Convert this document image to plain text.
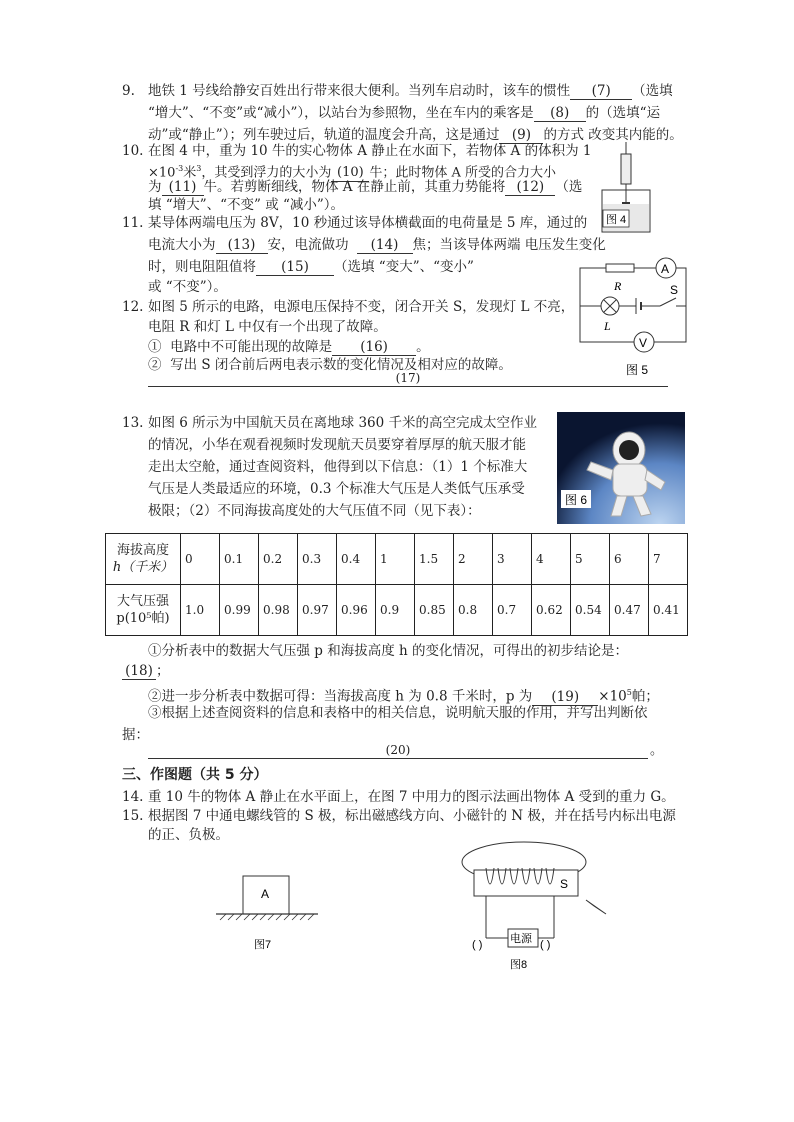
9. 地铁 1 号线给静安百姓出行带来很大便利。当列车启动时，该车的惯性 (7) （选填
“增大”、“不变”或“减小”），以站台为参照物，坐在车内的乘客是 (8) 的（选填“运
动”或“静止”）；列车驶过后，轨道的温度会升高，这是通过 (9) 的方式 改变其内能的。
10. 在图 4 中，重为 10 牛的实心物体 A 静止在水面下，若物体 A 的体积为 1
$\times 10^{-3}$米$^3$，其受到浮力的大小为 (10) 牛；此时物体 A 所受的合力大小
为 (11) 牛。若剪断细线，物体 A 在静止前，其重力势能将 (12) （选
填 “增大”、“不变” 或 “减小”）。
图 4
11. 某导体两端电压为 8V，10 秒通过该导体横截面的电荷量是 5 库，通过的
电流大小为 (13) 安，电流做功 (14) 焦；当该导体两端 电压发生变化
时，则电阻阻值将 (15) （选填 “变大”、“变小”
或 “不变”）。
12. 如图 5 所示的电路，电源电压保持不变，闭合开关 S，发现灯 L 不亮，
电阻 R 和灯 L 中仅有一个出现了故障。
① 电路中不可能出现的故障是 (16) 。
② 写出 S 闭合前后两电表示数的变化情况及相对应的故障。
(17)
A
R
L
S
V
图 5
13. 如图 6 所示为中国航天员在离地球 360 千米的高空完成太空作业
的情况，小华在观看视频时发现航天员要穿着厚厚的航天服才能
走出太空舱，通过查阅资料，他得到以下信息：（1）1 个标准大
气压是人类最适应的环境，0.3 个标准大气压是人类低气压承受
极限；（2）不同海拔高度处的大气压值不同（见下表）：
图 6
海拔高度
h（千米）	0	0.1	0.2	0.3	0.4	1	1.5	2	3	4	5	6	7
大气压强
p(10⁵帕)	1.0	0.99	0.98	0.97	0.96	0.9	0.85	0.8	0.7	0.62	0.54	0.47	0.41
①分析表中的数据大气压强 p 和海拔高度 h 的变化情况，可得出的初步结论是：
(18) ；
②进一步分析表中数据可得：当海拔高度 h 为 0.8 千米时，p 为 $(19) \times 10^5$帕；
③根据上述查阅资料的信息和表格中的相关信息，说明航天服的作用，并写出判断依
据：
(20)	。
三、作图题（共 5 分）
14. 重 10 牛的物体 A 静止在水平面上，在图 7 中用力的图示法画出物体 A 受到的重力 G。
15. 根据图 7 中通电螺线管的 S 极，标出磁感线方向、小磁针的 N 极，并在括号内标出电源
的正、负极。
A
图7
S
电源
( )	( )
图8
